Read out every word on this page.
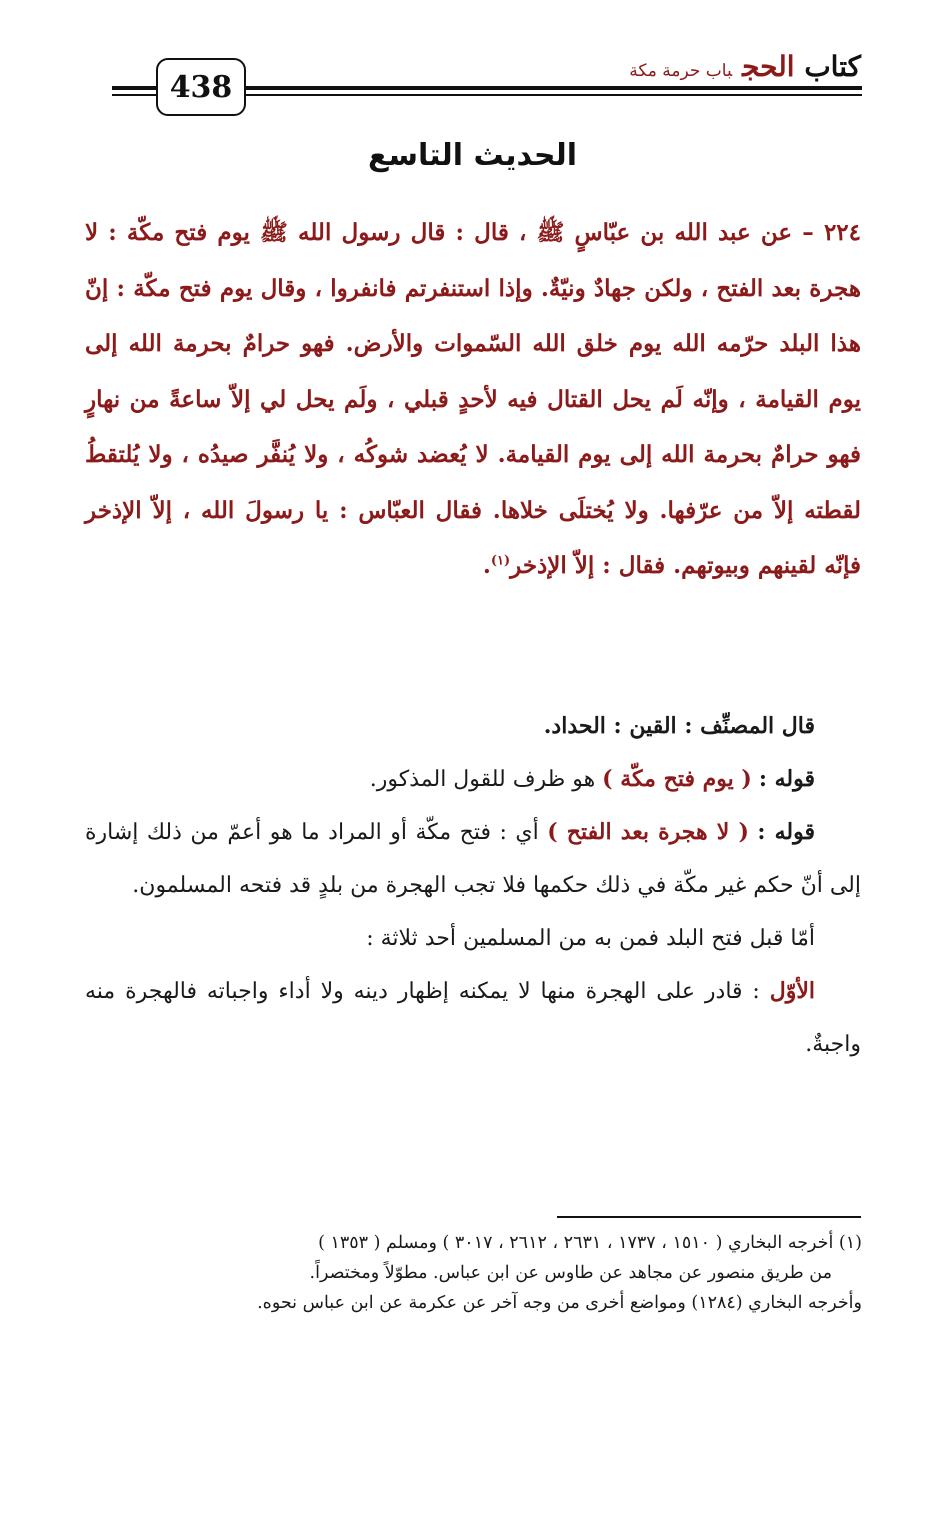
438
كتاب الحجباب حرمة مكة
الحديث التاسع
٢٢٤ – عن عبد الله بن عبّاسٍ ﷺ ، قال : قال رسول الله ﷺ يوم فتح مكّة : لا هجرة بعد الفتح ، ولكن جهادٌ ونيّةٌ. وإذا استنفرتم فانفروا ، وقال يوم فتح مكّة : إنّ هذا البلد حرّمه الله يوم خلق الله السّموات والأرض. فهو حرامٌ بحرمة الله إلى يوم القيامة ، وإنّه لَم يحل القتال فيه لأحدٍ قبلي ، ولَم يحل لي إلاّ ساعةً من نهارٍ فهو حرامٌ بحرمة الله إلى يوم القيامة. لا يُعضد شوكُه ، ولا يُنفَّر صيدُه ، ولا يُلتقطُ لقطته إلاّ من عرّفها. ولا يُختلَى خلاها. فقال العبّاس : يا رسولَ الله ، إلاّ الإذخر فإنّه لقينهم وبيوتهم. فقال : إلاّ الإذخر$^{(١)}$.

قال المصنِّف : القين : الحداد.

قوله : ( يوم فتح مكّة ) هو ظرف للقول المذكور.

قوله : ( لا هجرة بعد الفتح ) أي : فتح مكّة أو المراد ما هو أعمّ من ذلك إشارة إلى أنّ حكم غير مكّة في ذلك حكمها فلا تجب الهجرة من بلدٍ قد فتحه المسلمون.

أمّا قبل فتح البلد فمن به من المسلمين أحد ثلاثة :

الأوّل : قادر على الهجرة منها لا يمكنه إظهار دينه ولا أداء واجباته فالهجرة منه واجبةٌ.

(١) أخرجه البخاري ( ١٥١٠ ، ١٧٣٧ ، ٢٦٣١ ، ٢٦١٢ ، ٣٠١٧ ) ومسلم ( ١٣٥٣ )

من طريق منصور عن مجاهد عن طاوس عن ابن عباس. مطوّلاً ومختصراً.

وأخرجه البخاري (١٢٨٤) ومواضع أخرى من وجه آخر عن عكرمة عن ابن عباس نحوه.
